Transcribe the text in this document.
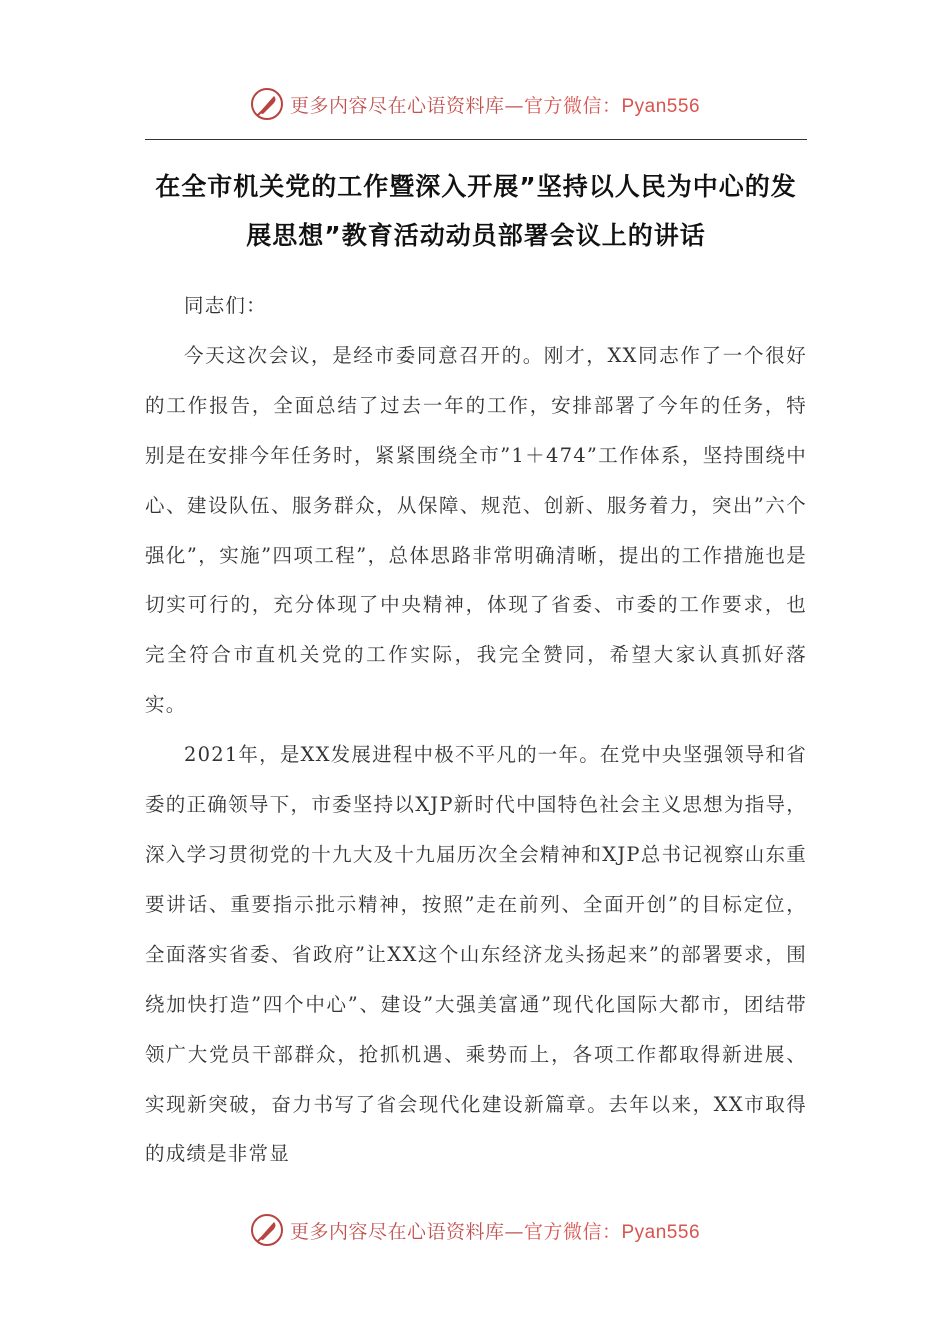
更多内容尽在心语资料库—官方微信：Pyan556
在全市机关党的工作暨深入开展”坚持以人民为中心的发展思想”教育活动动员部署会议上的讲话

同志们：

今天这次会议，是经市委同意召开的。刚才，XX同志作了一个很好的工作报告，全面总结了过去一年的工作，安排部署了今年的任务，特别是在安排今年任务时，紧紧围绕全市”1＋474”工作体系，坚持围绕中心、建设队伍、服务群众，从保障、规范、创新、服务着力，突出”六个强化”，实施”四项工程”，总体思路非常明确清晰，提出的工作措施也是切实可行的，充分体现了中央精神，体现了省委、市委的工作要求，也完全符合市直机关党的工作实际，我完全赞同，希望大家认真抓好落实。

2021年，是XX发展进程中极不平凡的一年。在党中央坚强领导和省委的正确领导下，市委坚持以XJP新时代中国特色社会主义思想为指导，深入学习贯彻党的十九大及十九届历次全会精神和XJP总书记视察山东重要讲话、重要指示批示精神，按照”走在前列、全面开创”的目标定位，全面落实省委、省政府”让XX这个山东经济龙头扬起来”的部署要求，围绕加快打造”四个中心”、建设”大强美富通”现代化国际大都市，团结带领广大党员干部群众，抢抓机遇、乘势而上，各项工作都取得新进展、实现新突破，奋力书写了省会现代化建设新篇章。去年以来，XX市取得的成绩是非常显

更多内容尽在心语资料库—官方微信：Pyan556
